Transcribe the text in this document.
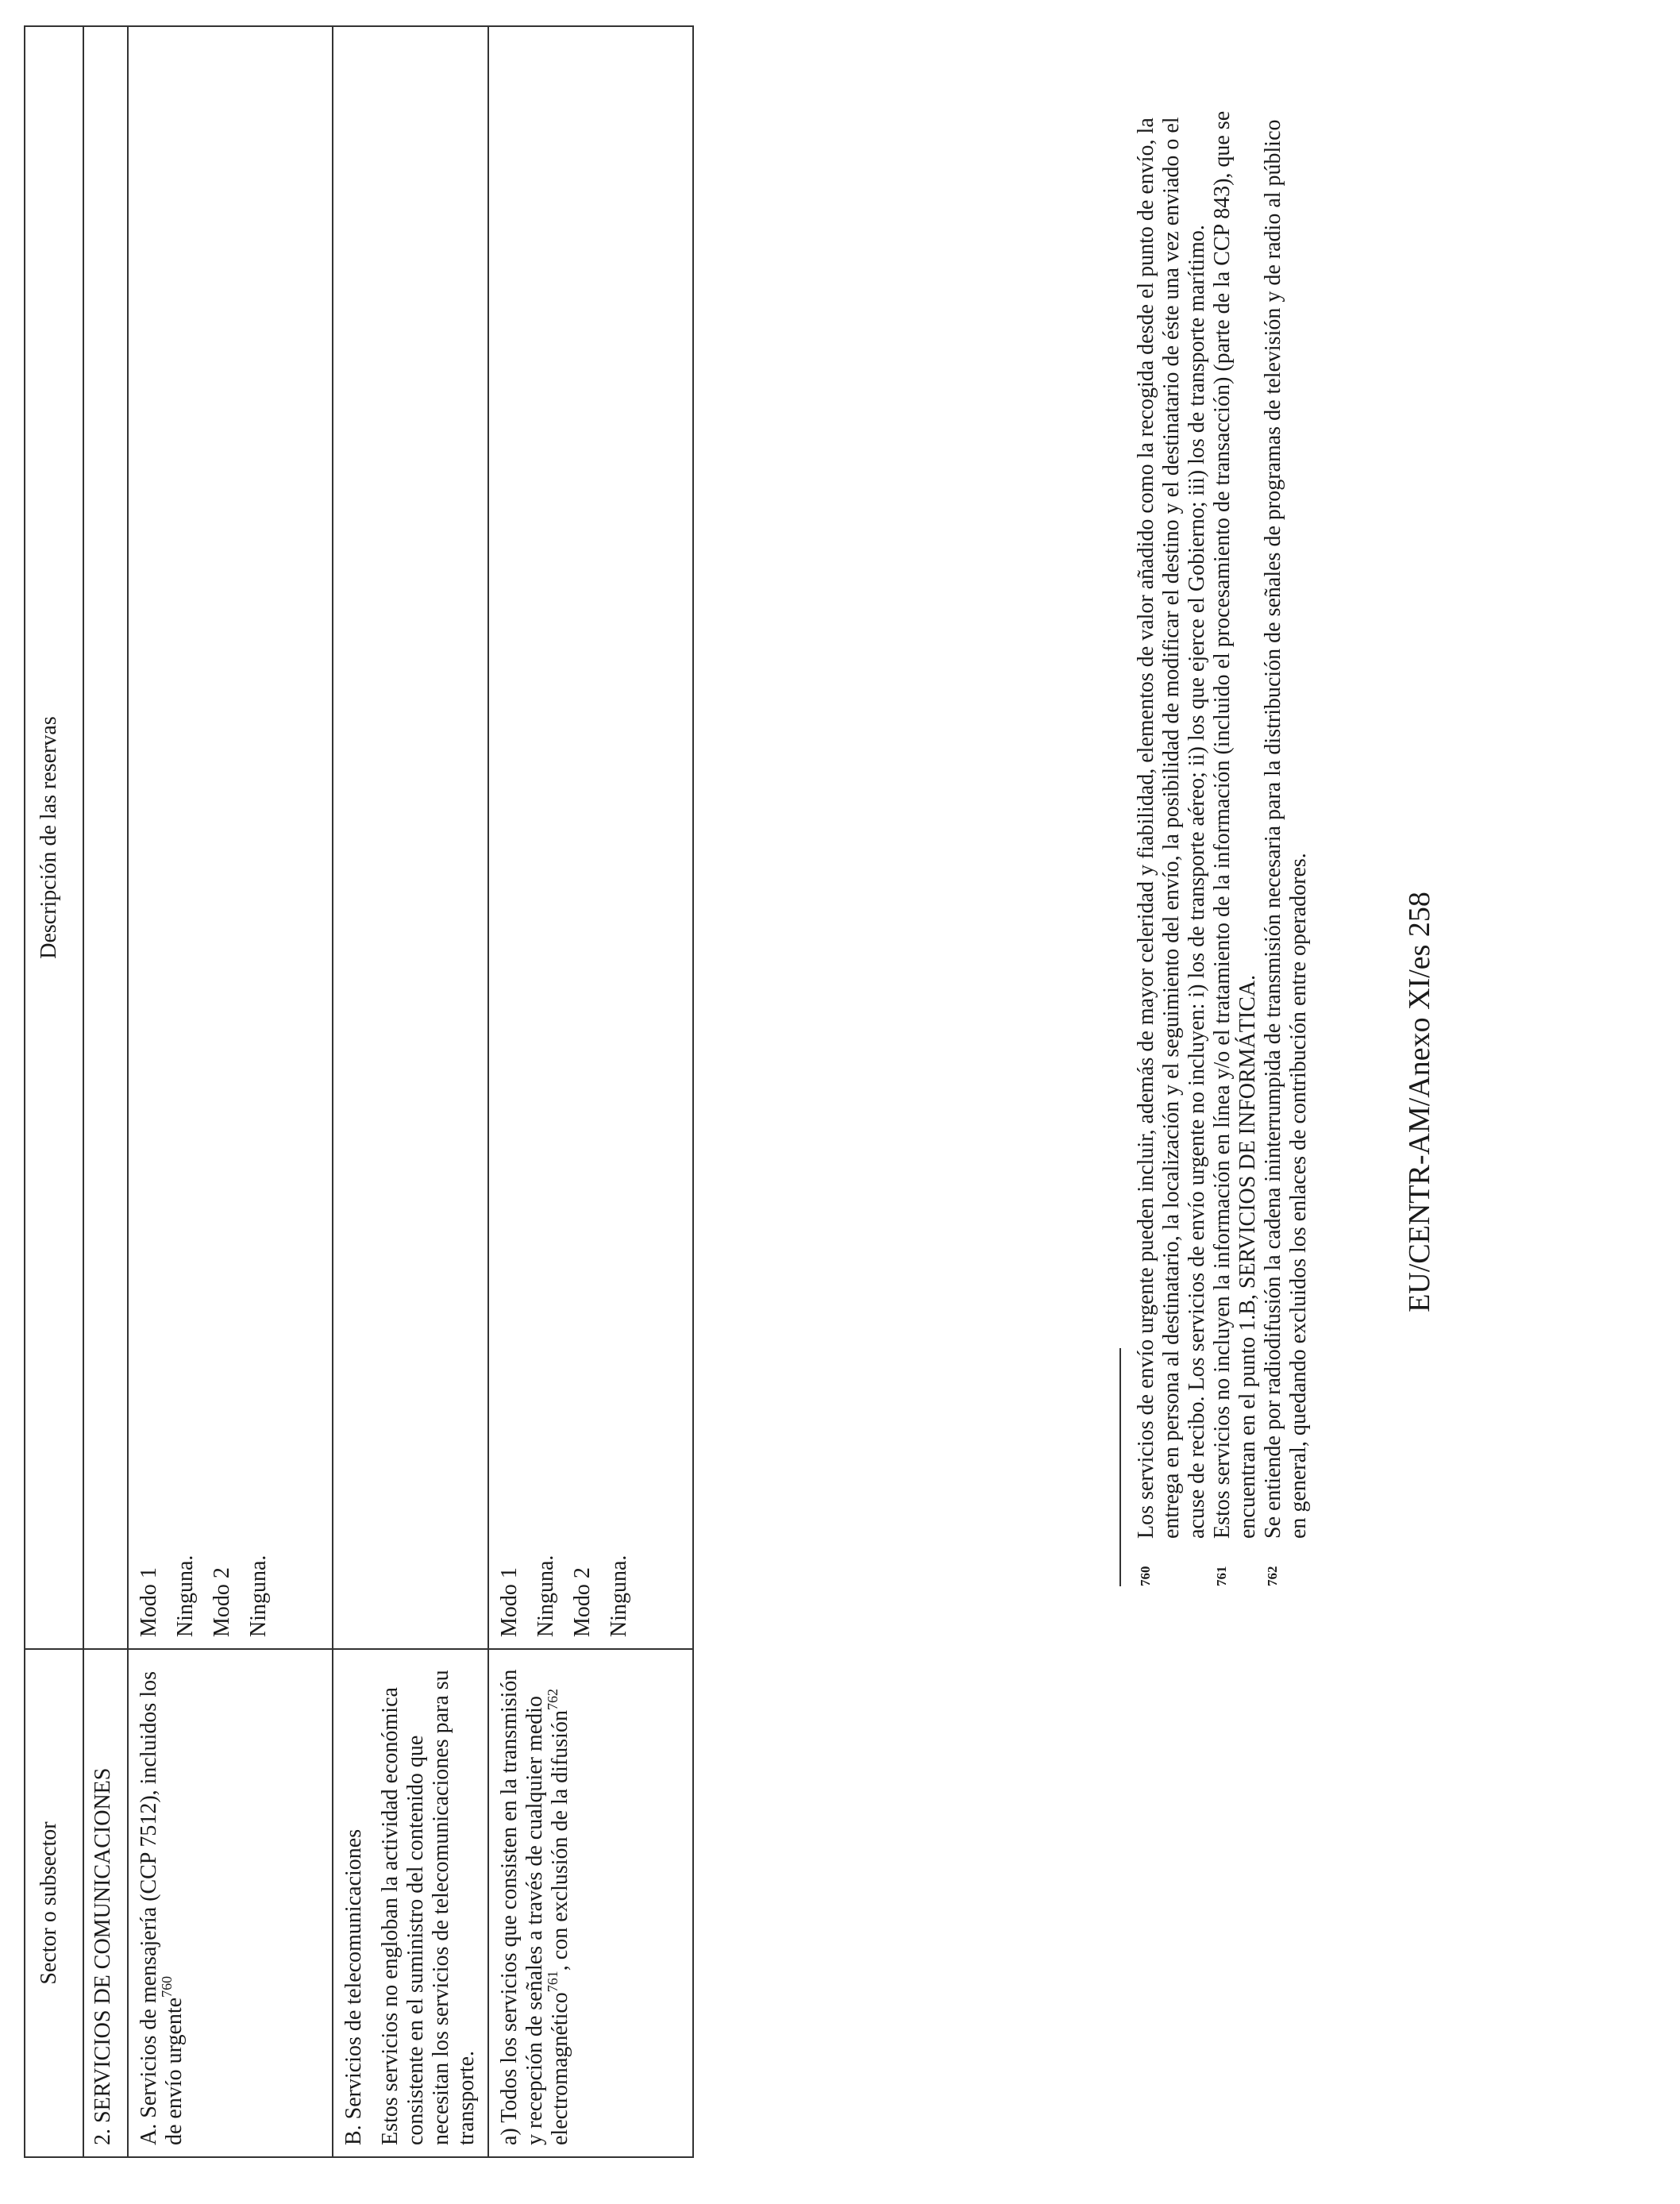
Sector o subsector	Descripción de las reservas
2. SERVICIOS DE COMUNICACIONES	
A. Servicios de mensajería (CCP 7512), incluidos los de envío urgente$^{760}$	Modo 1 Ninguna. Modo 2 Ninguna.

B. Servicios de telecomunicaciones Estos servicios no engloban la actividad económica consistente en el suministro del contenido que necesitan los servicios de telecomunicaciones para su transporte.	

a) Todos los servicios que consisten en la transmisión y recepción de señales a través de cualquier medio electromagnético$^{761}$, con exclusión de la difusión$^{762}$	Modo 1 Ninguna. Modo 2 Ninguna.	760

Los servicios de envío urgente pueden incluir, además de mayor celeridad y fiabilidad, elementos de valor añadido como la recogida desde el punto de envío, la entrega en persona al destinatario, la localización y el seguimiento del envío, la posibilidad de modificar el destino y el destinatario de éste una vez enviado o el acuse de recibo. Los servicios de envío urgente no incluyen: i) los de transporte aéreo; ii) los que ejerce el Gobierno; iii) los de transporte marítimo.

761

Estos servicios no incluyen la información en línea y/o el tratamiento de la información (incluido el procesamiento de transacción) (parte de la CCP 843), que se encuentran en el punto 1.B, SERVICIOS DE INFORMÁTICA.

762

Se entiende por radiodifusión la cadena ininterrumpida de transmisión necesaria para la distribución de señales de programas de televisión y de radio al público en general, quedando excluidos los enlaces de contribución entre operadores.	EU/CENTR-AM/Anexo XI/es 258
